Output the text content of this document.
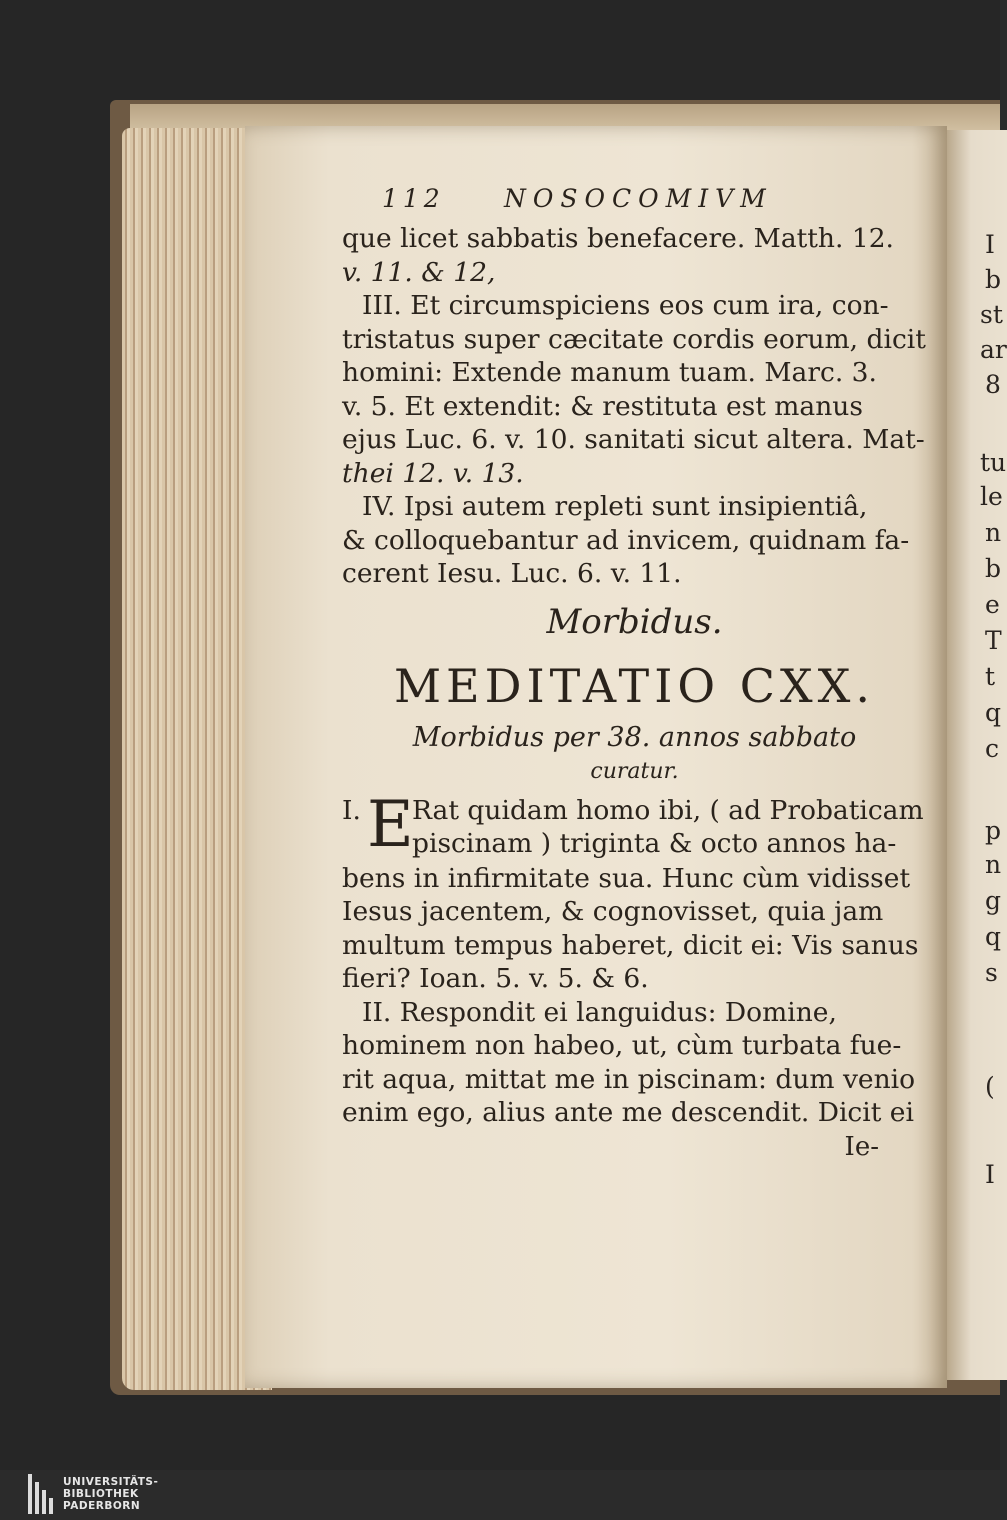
I
b
st
ar
8
tu
le
n
b
e
T
t
q
c
p
n
g
q
s
(
I
112 NOSOCOMIVM
que licet sabbatis benefacere. Matth. 12.
v. 11. & 12,
III. Et circumspiciens eos cum ira, con-
tristatus super cæcitate cordis eorum, dicit
homini: Extende manum tuam. Marc. 3.
v. 5. Et extendit: & restituta est manus
ejus Luc. 6. v. 10. sanitati sicut altera. Mat-
thei 12. v. 13.
IV. Ipsi autem repleti sunt insipientiâ,
& colloquebantur ad invicem, quidnam fa-
cerent Iesu. Luc. 6. v. 11.
Morbidus.
MEDITATIO CXX.
Morbidus per 38. annos sabbato
curatur.
I. E
Rat quidam homo ibi, ( ad Probaticam
piscinam ) triginta & octo annos ha-
bens in infirmitate sua. Hunc cùm vidisset
Iesus jacentem, & cognovisset, quia jam
multum tempus haberet, dicit ei: Vis sanus
fieri? Ioan. 5. v. 5. & 6.
II. Respondit ei languidus: Domine,
hominem non habeo, ut, cùm turbata fue-
rit aqua, mittat me in piscinam: dum venio
enim ego, alius ante me descendit. Dicit ei
Ie-
UNIVERSITÄTS-
BIBLIOTHEK
PADERBORN
